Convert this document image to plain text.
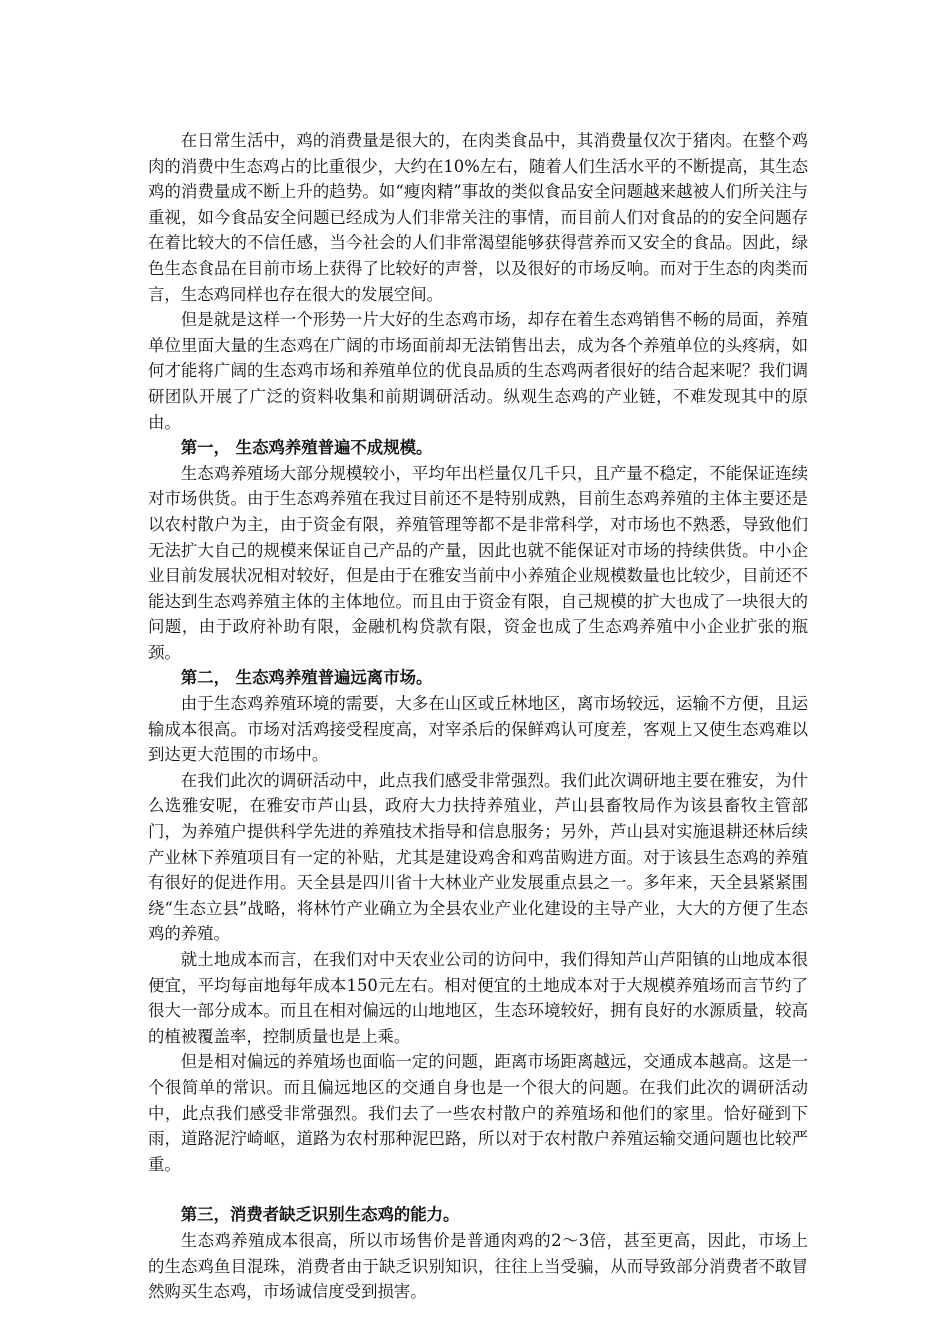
在日常生活中，鸡的消费量是很大的，在肉类食品中，其消费量仅次于猪肉。在整个鸡肉的消费中生态鸡占的比重很少，大约在10%左右，随着人们生活水平的不断提高，其生态鸡的消费量成不断上升的趋势。如“瘦肉精”事故的类似食品安全问题越来越被人们所关注与重视，如今食品安全问题已经成为人们非常关注的事情，而目前人们对食品的的安全问题存在着比较大的不信任感，当今社会的人们非常渴望能够获得营养而又安全的食品。因此，绿色生态食品在目前市场上获得了比较好的声誉，以及很好的市场反响。而对于生态的肉类而言，生态鸡同样也存在很大的发展空间。

但是就是这样一个形势一片大好的生态鸡市场，却存在着生态鸡销售不畅的局面，养殖单位里面大量的生态鸡在广阔的市场面前却无法销售出去，成为各个养殖单位的头疼病，如何才能将广阔的生态鸡市场和养殖单位的优良品质的生态鸡两者很好的结合起来呢？我们调研团队开展了广泛的资料收集和前期调研活动。纵观生态鸡的产业链，不难发现其中的原由。

第一， 生态鸡养殖普遍不成规模。

生态鸡养殖场大部分规模较小，平均年出栏量仅几千只，且产量不稳定，不能保证连续对市场供货。由于生态鸡养殖在我过目前还不是特别成熟，目前生态鸡养殖的主体主要还是以农村散户为主，由于资金有限，养殖管理等都不是非常科学，对市场也不熟悉，导致他们无法扩大自己的规模来保证自己产品的产量，因此也就不能保证对市场的持续供货。中小企业目前发展状况相对较好，但是由于在雅安当前中小养殖企业规模数量也比较少，目前还不能达到生态鸡养殖主体的主体地位。而且由于资金有限，自己规模的扩大也成了一块很大的问题，由于政府补助有限，金融机构贷款有限，资金也成了生态鸡养殖中小企业扩张的瓶颈。

第二， 生态鸡养殖普遍远离市场。

由于生态鸡养殖环境的需要，大多在山区或丘林地区，离市场较远，运输不方便，且运输成本很高。市场对活鸡接受程度高，对宰杀后的保鲜鸡认可度差，客观上又使生态鸡难以到达更大范围的市场中。

在我们此次的调研活动中，此点我们感受非常强烈。我们此次调研地主要在雅安，为什么选雅安呢，在雅安市芦山县，政府大力扶持养殖业，芦山县畜牧局作为该县畜牧主管部门，为养殖户提供科学先进的养殖技术指导和信息服务；另外，芦山县对实施退耕还林后续产业林下养殖项目有一定的补贴，尤其是建设鸡舍和鸡苗购进方面。对于该县生态鸡的养殖有很好的促进作用。天全县是四川省十大林业产业发展重点县之一。多年来，天全县紧紧围绕“生态立县”战略，将林竹产业确立为全县农业产业化建设的主导产业，大大的方便了生态鸡的养殖。

就土地成本而言，在我们对中天农业公司的访问中，我们得知芦山芦阳镇的山地成本很便宜，平均每亩地每年成本150元左右。相对便宜的土地成本对于大规模养殖场而言节约了很大一部分成本。而且在相对偏远的山地地区，生态环境较好，拥有良好的水源质量，较高的植被覆盖率，控制质量也是上乘。

但是相对偏远的养殖场也面临一定的问题，距离市场距离越远，交通成本越高。这是一个很简单的常识。而且偏远地区的交通自身也是一个很大的问题。在我们此次的调研活动中，此点我们感受非常强烈。我们去了一些农村散户的养殖场和他们的家里。恰好碰到下雨，道路泥泞崎岖，道路为农村那种泥巴路，所以对于农村散户养殖运输交通问题也比较严重。

第三，消费者缺乏识别生态鸡的能力。

生态鸡养殖成本很高，所以市场售价是普通肉鸡的2～3倍，甚至更高，因此，市场上的生态鸡鱼目混珠，消费者由于缺乏识别知识，往往上当受骗，从而导致部分消费者不敢冒然购买生态鸡，市场诚信度受到损害。
